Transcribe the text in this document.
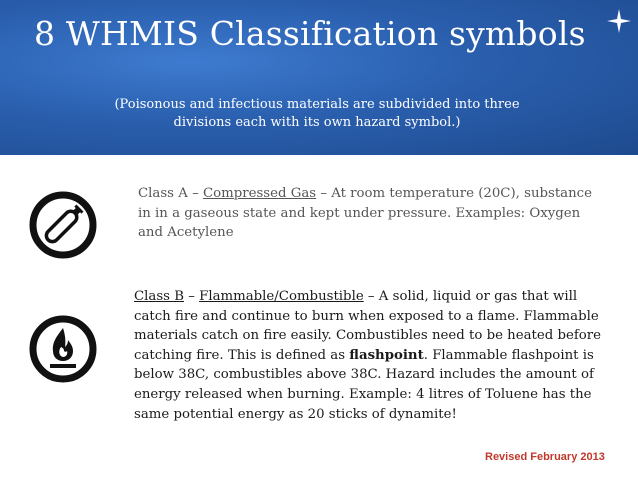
8 WHMIS Classification symbols
(Poisonous and infectious materials are subdivided into three divisions each with its own hazard symbol.)
Class A – Compressed Gas – At room temperature (20C), substance in in a gaseous state and kept under pressure. Examples: Oxygen and Acetylene
Class B – Flammable/Combustible – A solid, liquid or gas that will catch fire and continue to burn when exposed to a flame. Flammable materials catch on fire easily. Combustibles need to be heated before catching fire. This is defined as flashpoint. Flammable flashpoint is below 38C, combustibles above 38C. Hazard includes the amount of energy released when burning. Example: 4 litres of Toluene has the same potential energy as 20 sticks of dynamite!
Revised February 2013
